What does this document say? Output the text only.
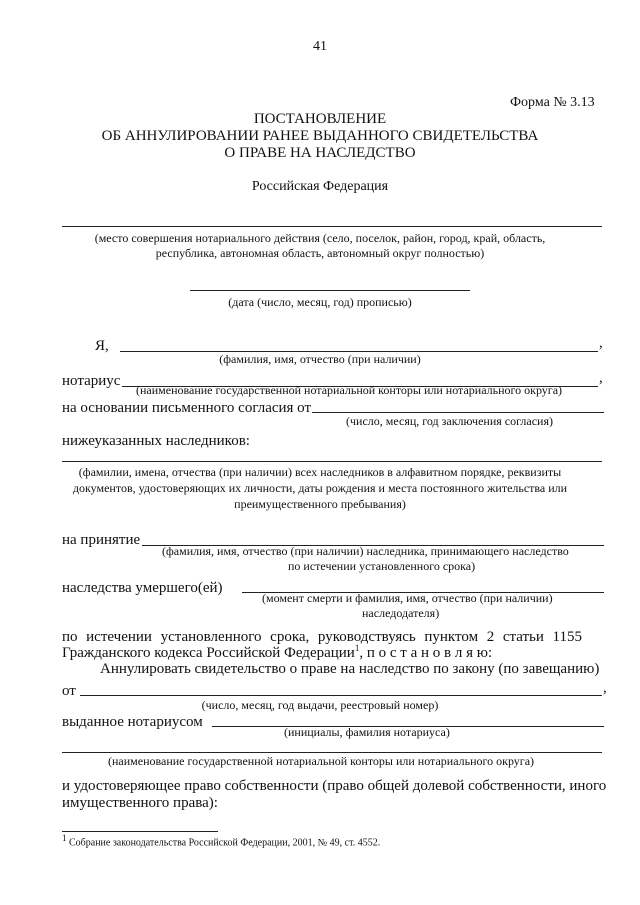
41
Форма № 3.13
ПОСТАНОВЛЕНИЕ
ОБ АННУЛИРОВАНИИ РАНЕЕ ВЫДАННОГО СВИДЕТЕЛЬСТВА
О ПРАВЕ НА НАСЛЕДСТВО
Российская Федерация
(место совершения нотариального действия (село, поселок, район, город, край, область,
республика, автономная область, автономный округ полностью)
(дата (число, месяц, год) прописью)
Я,	,
(фамилия, имя, отчество (при наличии)
нотариус	,
(наименование государственной нотариальной конторы или нотариального округа)
на основании письменного согласия от
(число, месяц, год заключения согласия)
нижеуказанных наследников:
(фамилии, имена, отчества (при наличии) всех наследников в алфавитном порядке, реквизиты
документов, удостоверяющих их личности, даты рождения и места постоянного жительства или
преимущественного пребывания)
на принятие
(фамилия, имя, отчество (при наличии) наследника, принимающего наследство
по истечении установленного срока)
наследства умершего(ей)
(момент смерти и фамилия, имя, отчество (при наличии)
наследодателя)
по истечении установленного срока, руководствуясь пунктом 2 статьи 1155
Гражданского кодекса Российской Федерации$^1$, п о с т а н о в л я ю:
Аннулировать свидетельство о праве на наследство по закону (по завещанию)
от	,
(число, месяц, год выдачи, реестровый номер)
выданное нотариусом
(инициалы, фамилия нотариуса)
(наименование государственной нотариальной конторы или нотариального округа)
и удостоверяющее право собственности (право общей долевой собственности, иного
имущественного права):
1 Собрание законодательства Российской Федерации, 2001, № 49, ст. 4552.
